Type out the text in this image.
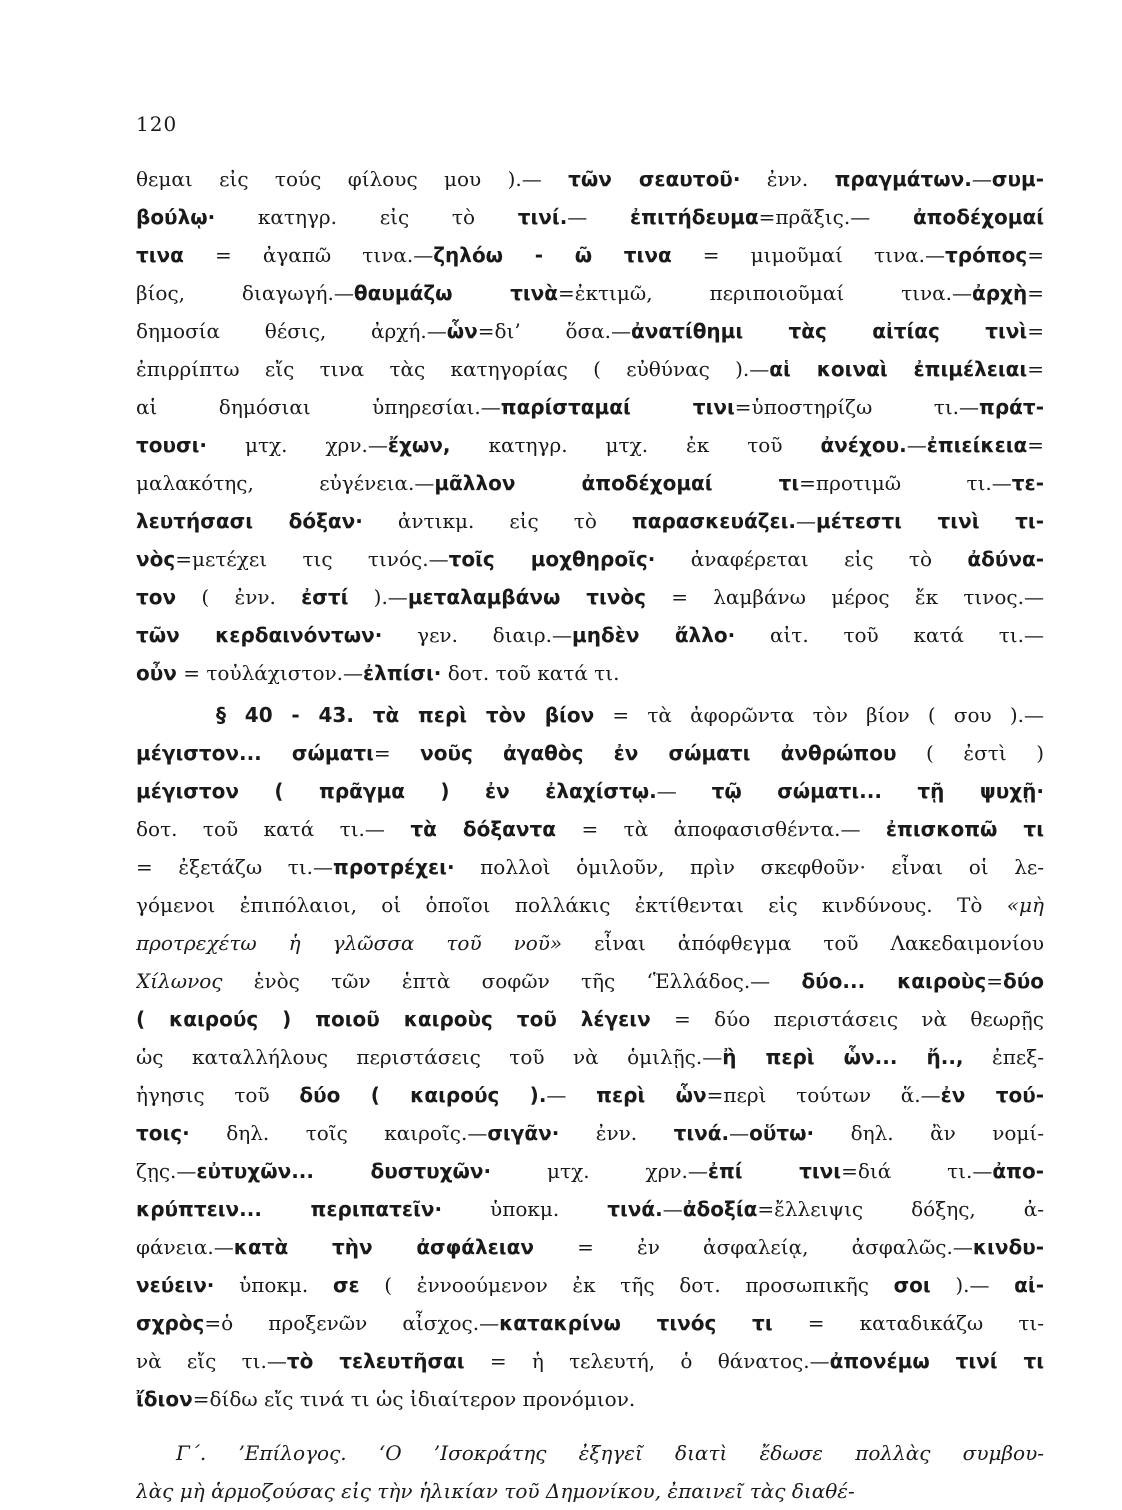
120
θεμαι εἰς τούς φίλους μου ).— τῶν σεαυτοῦ· ἐνν. πραγμάτων.—συμ-
βούλῳ· κατηγρ. εἰς τὸ τινί.— ἐπιτήδευμα=πρᾶξις.— ἀποδέχομαί
τινα = ἀγαπῶ τινα.—ζηλόω - ῶ τινα = μιμοῦμαί τινα.—τρόπος=
βίος, διαγωγή.—θαυμάζω τινὰ=ἐκτιμῶ, περιποιοῦμαί τινα.—ἀρχὴ=
δημοσία θέσις, ἀρχή.—ὧν=δι’ ὅσα.—ἀνατίθημι τὰς αἰτίας τινὶ=
ἐπιρρίπτω εἴς τινα τὰς κατηγορίας ( εὐθύνας ).—αἱ κοιναὶ ἐπιμέλειαι=
αἱ δημόσιαι ὑπηρεσίαι.—παρίσταμαί τινι=ὑποστηρίζω τι.—πράτ-
τουσι· μτχ. χρν.—ἔχων, κατηγρ. μτχ. ἐκ τοῦ ἀνέχου.—ἐπιείκεια=
μαλακότης, εὐγένεια.—μᾶλλον ἀποδέχομαί τι=προτιμῶ τι.—τε-
λευτήσασι δόξαν· ἀντικμ. εἰς τὸ παρασκευάζει.—μέτεστι τινὶ τι-
νὸς=μετέχει τις τινός.—τοῖς μοχθηροῖς· ἀναφέρεται εἰς τὸ ἀδύνα-
τον ( ἐνν. ἐστί ).—μεταλαμβάνω τινὸς = λαμβάνω μέρος ἔκ τινος.—
τῶν κερδαινόντων· γεν. διαιρ.—μηδὲν ἄλλο· αἰτ. τοῦ κατά τι.—
οὖν = τοὐλάχιστον.—ἐλπίσι· δοτ. τοῦ κατά τι.
§ 40 - 43. τὰ περὶ τὸν βίον = τὰ ἀφορῶντα τὸν βίον ( σου ).—
μέγιστον... σώματι= νοῦς ἀγαθὸς ἐν σώματι ἀνθρώπου ( ἐστὶ )
μέγιστον ( πρᾶγμα ) ἐν ἐλαχίστῳ.— τῷ σώματι... τῇ ψυχῇ·
δοτ. τοῦ κατά τι.— τὰ δόξαντα = τὰ ἀποφασισθέντα.— ἐπισκοπῶ τι
= ἐξετάζω τι.—προτρέχει· πολλοὶ ὁμιλοῦν, πρὶν σκεφθοῦν· εἶναι οἱ λε-
γόμενοι ἐπιπόλαιοι, οἱ ὁποῖοι πολλάκις ἐκτίθενται εἰς κινδύνους. Τὸ «μὴ
προτρεχέτω ἡ γλῶσσα τοῦ νοῦ» εἶναι ἀπόφθεγμα τοῦ Λακεδαιμονίου
Χίλωνος ἑνὸς τῶν ἑπτὰ σοφῶν τῆς ‘Ἑλλάδος.— δύο... καιροὺς=δύο
( καιρούς ) ποιοῦ καιροὺς τοῦ λέγειν = δύο περιστάσεις νὰ θεωρῇς
ὡς καταλλήλους περιστάσεις τοῦ νὰ ὁμιλῇς.—ἢ περὶ ὧν... ἤ.., ἐπεξ-
ἡγησις τοῦ δύο ( καιρούς ).— περὶ ὧν=περὶ τούτων ἅ.—ἐν τού-
τοις· δηλ. τοῖς καιροῖς.—σιγᾶν· ἐνν. τινά.—οὕτω· δηλ. ἂν νομί-
ζῃς.—εὐτυχῶν... δυστυχῶν· μτχ. χρν.—ἐπί τινι=διά τι.—ἀπο-
κρύπτειν... περιπατεῖν· ὑποκμ. τινά.—ἀδοξία=ἔλλειψις δόξης, ἀ-
φάνεια.—κατὰ τὴν ἀσφάλειαν = ἐν ἀσφαλείᾳ, ἀσφαλῶς.—κινδυ-
νεύειν· ὑποκμ. σε ( ἐννοούμενον ἐκ τῆς δοτ. προσωπικῆς σοι ).— αἰ-
σχρὸς=ὁ προξενῶν αἶσχος.—κατακρίνω τινός τι = καταδικάζω τι-
νὰ εἴς τι.—τὸ τελευτῆσαι = ἡ τελευτή, ὁ θάνατος.—ἀπονέμω τινί τι
ἴδιον=δίδω εἴς τινά τι ὡς ἰδιαίτερον προνόμιον.
Γ΄. ’Επίλογος. ‘Ο ’Ισοκράτης ἐξηγεῖ διατὶ ἔδωσε πολλὰς συμβου-
λὰς μὴ ἁρμοζούσας εἰς τὴν ἡλικίαν τοῦ Δημονίκου, ἐπαινεῖ τὰς διαθέ-
